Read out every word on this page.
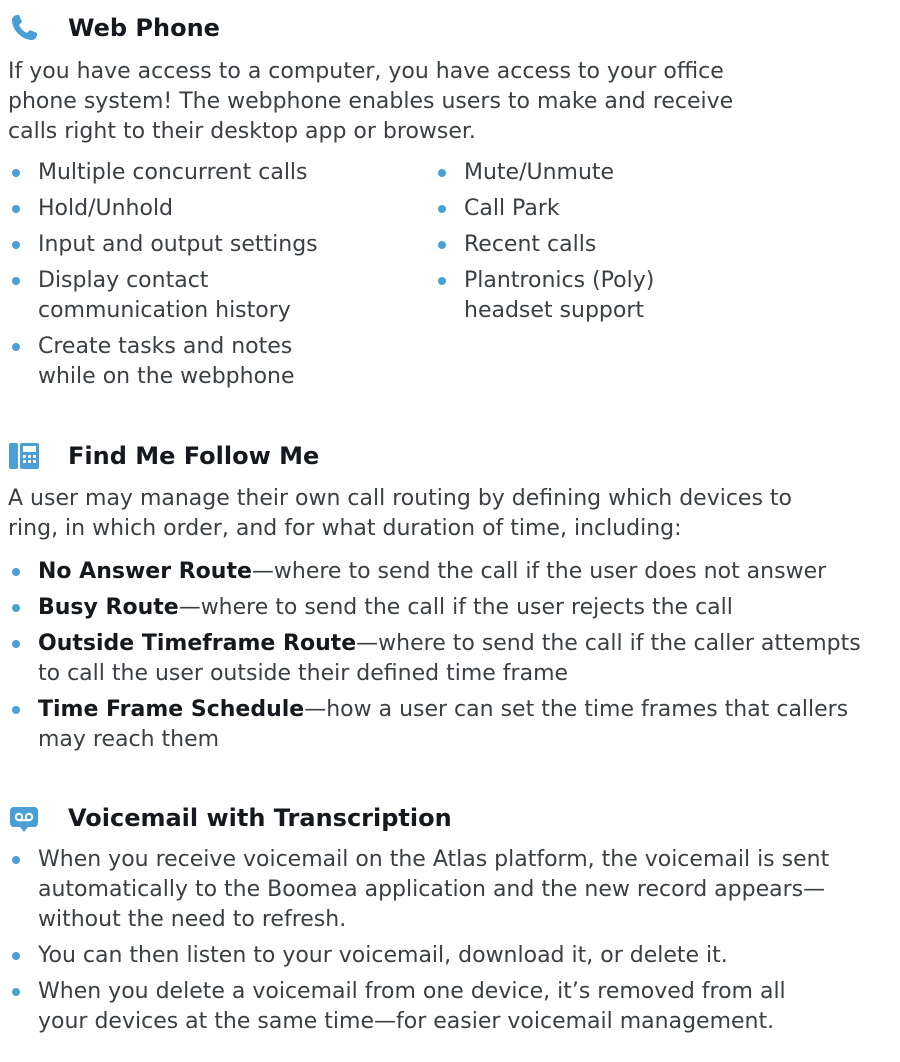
Web Phone
If you have access to a computer, you have access to your office
phone system! The webphone enables users to make and receive
calls right to their desktop app or browser.
Multiple concurrent calls
Hold/Unhold
Input and output settings
Display contact
communication history
Create tasks and notes
while on the webphone
Mute/Unmute
Call Park
Recent calls
Plantronics (Poly)
headset support
Find Me Follow Me
A user may manage their own call routing by defining which devices to
ring, in which order, and for what duration of time, including:
No Answer Route—where to send the call if the user does not answer
Busy Route—where to send the call if the user rejects the call
Outside Timeframe Route—where to send the call if the caller attempts
to call the user outside their defined time frame
Time Frame Schedule—how a user can set the time frames that callers
may reach them
Voicemail with Transcription
When you receive voicemail on the Atlas platform, the voicemail is sent
automatically to the Boomea application and the new record appears—
without the need to refresh.
You can then listen to your voicemail, download it, or delete it.
When you delete a voicemail from one device, it’s removed from all
your devices at the same time—for easier voicemail management.
